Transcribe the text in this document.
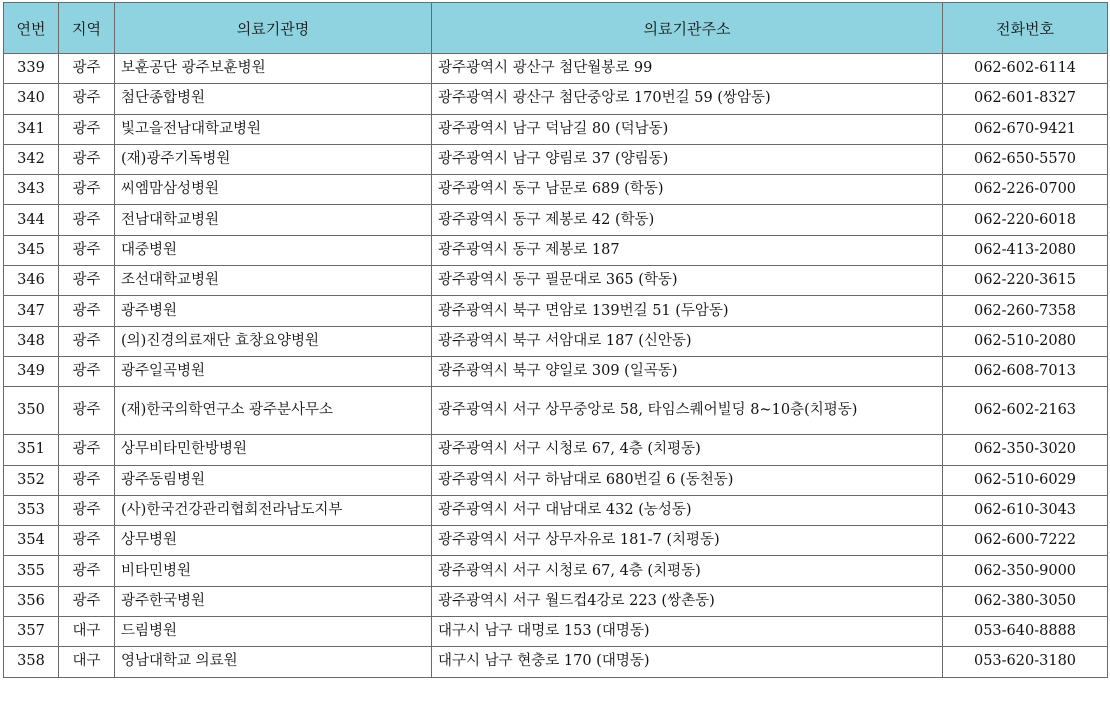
연번	지역	의료기관명	의료기관주소	전화번호
339	광주	보훈공단 광주보훈병원	광주광역시 광산구 첨단월봉로 99	062-602-6114
340	광주	첨단종합병원	광주광역시 광산구 첨단중앙로 170번길 59 (쌍암동)	062-601-8327
341	광주	빛고을전남대학교병원	광주광역시 남구 덕남길 80 (덕남동)	062-670-9421
342	광주	(재)광주기독병원	광주광역시 남구 양림로 37 (양림동)	062-650-5570
343	광주	씨엠맘삼성병원	광주광역시 동구 남문로 689 (학동)	062-226-0700
344	광주	전남대학교병원	광주광역시 동구 제봉로 42 (학동)	062-220-6018
345	광주	대중병원	광주광역시 동구 제봉로 187	062-413-2080
346	광주	조선대학교병원	광주광역시 동구 필문대로 365 (학동)	062-220-3615
347	광주	광주병원	광주광역시 북구 면암로 139번길 51 (두암동)	062-260-7358
348	광주	(의)진경의료재단 효창요양병원	광주광역시 북구 서암대로 187 (신안동)	062-510-2080
349	광주	광주일곡병원	광주광역시 북구 양일로 309 (일곡동)	062-608-7013
350	광주	(재)한국의학연구소 광주분사무소	광주광역시 서구 상무중앙로 58, 타임스퀘어빌딩 8~10층(치평동)	062-602-2163
351	광주	상무비타민한방병원	광주광역시 서구 시청로 67, 4층 (치평동)	062-350-3020
352	광주	광주동림병원	광주광역시 서구 하남대로 680번길 6 (동천동)	062-510-6029
353	광주	(사)한국건강관리협회전라남도지부	광주광역시 서구 대남대로 432 (농성동)	062-610-3043
354	광주	상무병원	광주광역시 서구 상무자유로 181-7 (치평동)	062-600-7222
355	광주	비타민병원	광주광역시 서구 시청로 67, 4층 (치평동)	062-350-9000
356	광주	광주한국병원	광주광역시 서구 월드컵4강로 223 (쌍촌동)	062-380-3050
357	대구	드림병원	대구시 남구 대명로 153 (대명동)	053-640-8888
358	대구	영남대학교 의료원	대구시 남구 현충로 170 (대명동)	053-620-3180
